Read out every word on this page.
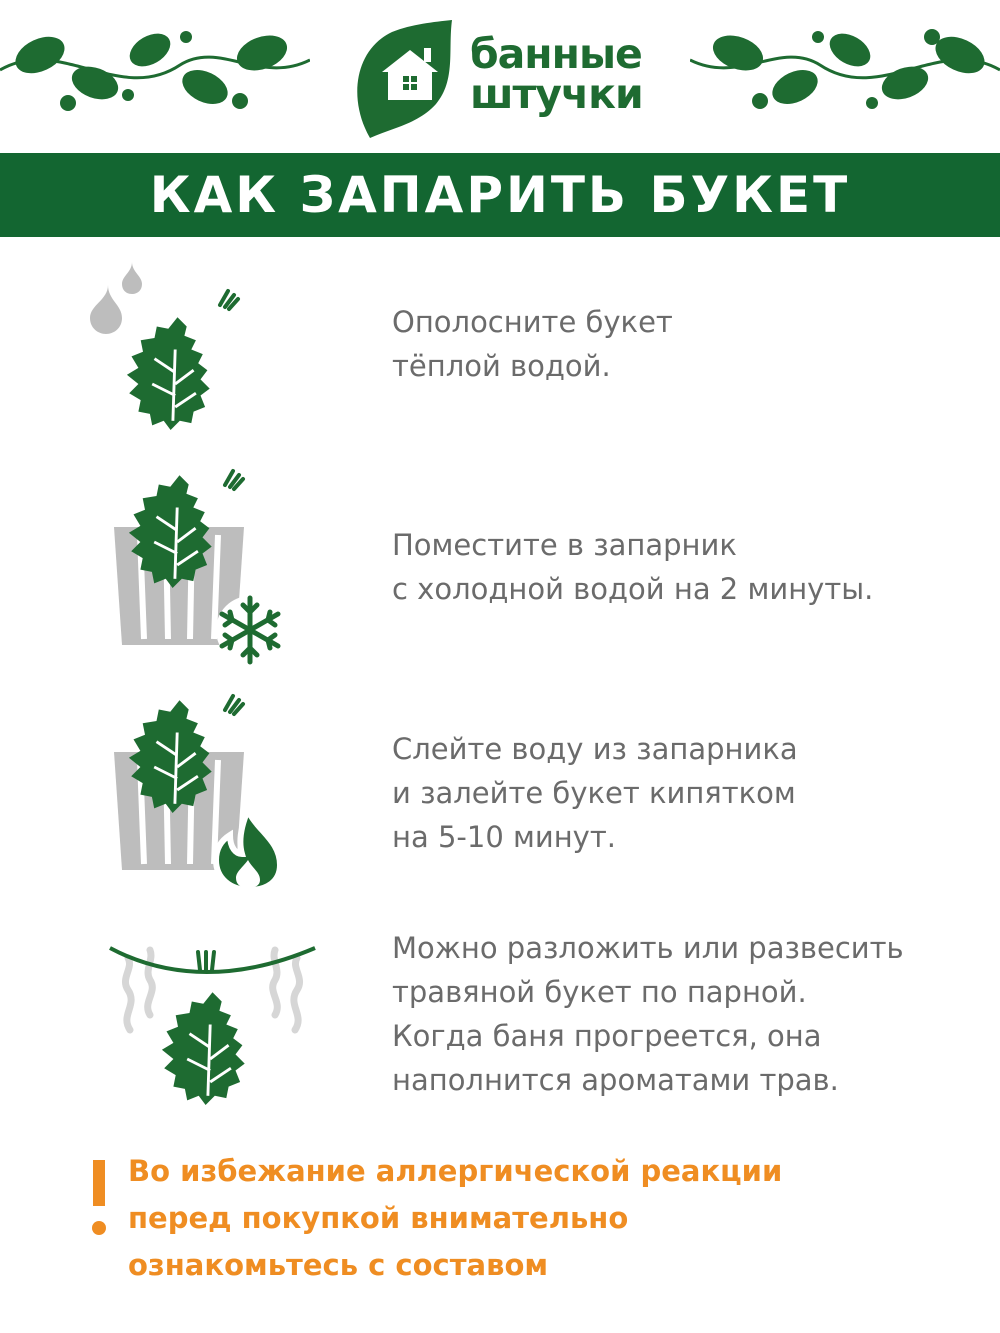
банные
штучки
КАК ЗАПАРИТЬ БУКЕТ

Ополосните букет
тёплой водой.

Поместите в запарник
с холодной водой на 2 минуты.

Слейте воду из запарника
и залейте букет кипятком
на 5-10 минут.

Можно разложить или развесить
травяной букет по парной.
Когда баня прогреется, она
наполнится ароматами трав.

Во избежание аллергической реакции
перед покупкой внимательно
ознакомьтесь с составом
